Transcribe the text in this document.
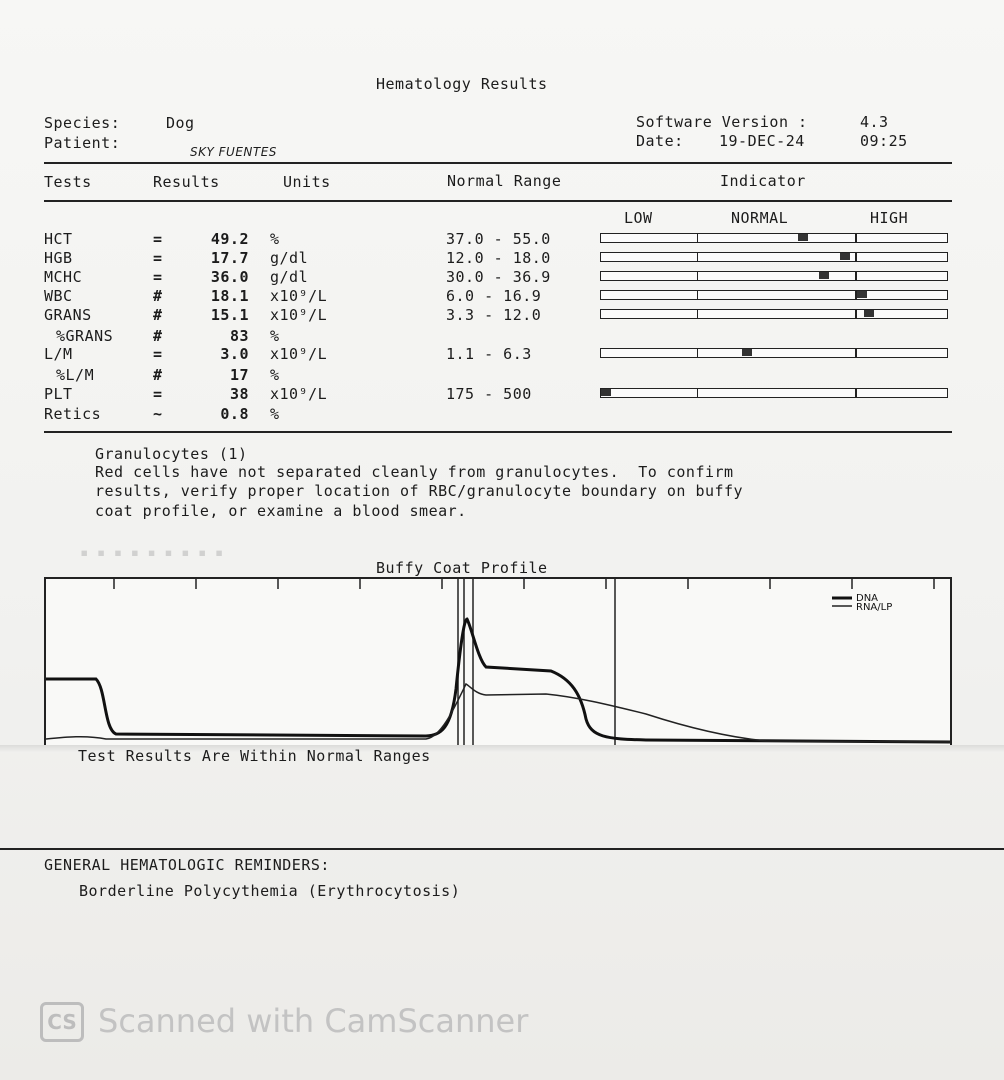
▪ ▪ ▪ ▪ ▪ ▪ ▪ ▪ ▪
Hematology Results
Species:	Dog
Patient:	SKY FUENTES
Software Version :	4.3
Date: 19-DEC-24	09:25
Tests	Results	Units	Normal Range	Indicator
LOW	NORMAL	HIGH
HCT	=	49.2 %	37.0 - 55.0
HGB	=	17.7 g/dl	12.0 - 18.0
MCHC	=	36.0 g/dl	30.0 - 36.9
WBC	#	18.1 x10⁹/L	6.0 - 16.9
GRANS	#	15.1 x10⁹/L	3.3 - 12.0
%GRANS	#	83 %
L/M	=	3.0 x10⁹/L	1.1 - 6.3
%L/M	#	17 %
PLT	=	38 x10⁹/L	175 - 500
Retics	~	0.8 %
Granulocytes (1)
Red cells have not separated cleanly from granulocytes.  To confirm
results, verify proper location of RBC/granulocyte boundary on buffy
coat profile, or examine a blood smear.
Buffy Coat Profile
DNA
RNA/LP
Test Results Are Within Normal Ranges
GENERAL HEMATOLOGIC REMINDERS:
Borderline Polycythemia (Erythrocytosis)
CS Scanned with CamScanner
